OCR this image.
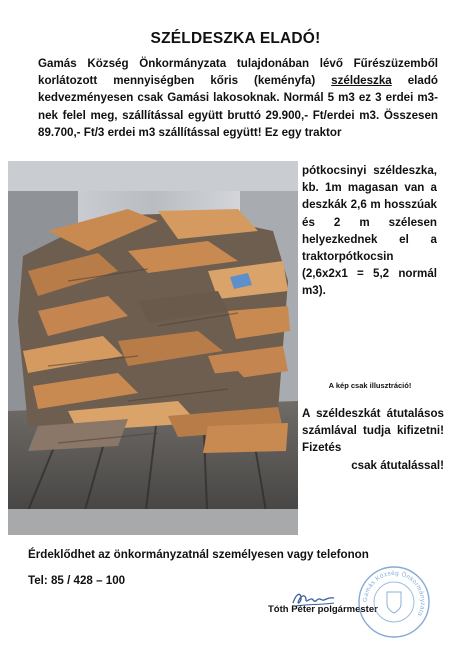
SZÉLDESZKA ELADÓ!
Gamás Község Önkormányzata tulajdonában lévő Fűrészüzemből korlátozott mennyiségben kőris (keményfa) széldeszka eladó kedvezményesen csak Gamási lakosoknak. Normál 5 m3 ez 3 erdei m3-nek felel meg, szállítással együtt bruttó 29.900,- Ft/erdei m3. Összesen 89.700,- Ft/3 erdei m3 szállítással együtt! Ez egy traktor
pótkocsinyi széldeszka, kb. 1m magasan van a deszkák 2,6 m hosszúak és 2 m szélesen helyezkednek el a traktorpótkocsin (2,6x2x1 = 5,2 normál m3).
A kép csak illusztráció!
A széldeszkát átutalásos számlával tudja kifizetni! Fizetés
csak átutalással!
Érdeklődhet az önkormányzatnál személyesen vagy telefonon
Tel: 85 / 428 – 100
Tóth Péter polgármester
Gamás Község Önkormányzata
